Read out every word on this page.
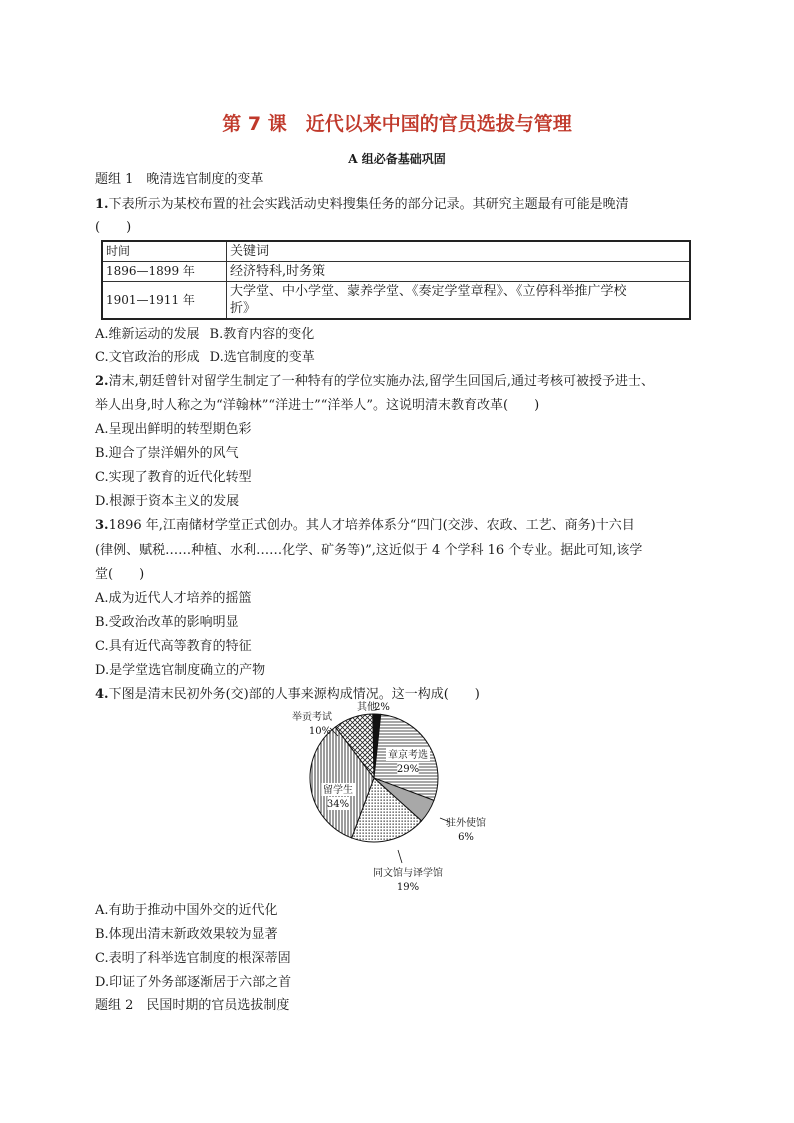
第 7 课　近代以来中国的官员选拔与管理
A 组必备基础巩固
题组 1　晚清选官制度的变革
1.下表所示为某校布置的社会实践活动史料搜集任务的部分记录。其研究主题最有可能是晚清
(　　)
时间	关键词
1896—1899 年	经济特科,时务策
1901—1911 年	大学堂、中小学堂、蒙养学堂、《奏定学堂章程》、《立停科举推广学校
折》
A.维新运动的发展 B.教育内容的变化
C.文官政治的形成 D.选官制度的变革
2.清末,朝廷曾针对留学生制定了一种特有的学位实施办法,留学生回国后,通过考核可被授予进士、
举人出身,时人称之为“洋翰林”“洋进士”“洋举人”。这说明清末教育改革(　　)
A.呈现出鲜明的转型期色彩
B.迎合了崇洋媚外的风气
C.实现了教育的近代化转型
D.根源于资本主义的发展
3.1896 年,江南储材学堂正式创办。其人才培养体系分“四门(交涉、农政、工艺、商务)十六目
(律例、赋税……种植、水利……化学、矿务等)”,这近似于 4 个学科 16 个专业。据此可知,该学
堂(　　)
A.成为近代人才培养的摇篮
B.受政治改革的影响明显
C.具有近代高等教育的特征
D.是学堂选官制度确立的产物
4.下图是清末民初外务(交)部的人事来源构成情况。这一构成(　　)
其他
2%
章京考选
29%
驻外使馆
6%
同文馆与译学馆
19%
留学生
34%
举贡考试
10%
A.有助于推动中国外交的近代化
B.体现出清末新政效果较为显著
C.表明了科举选官制度的根深蒂固
D.印证了外务部逐渐居于六部之首
题组 2　民国时期的官员选拔制度
